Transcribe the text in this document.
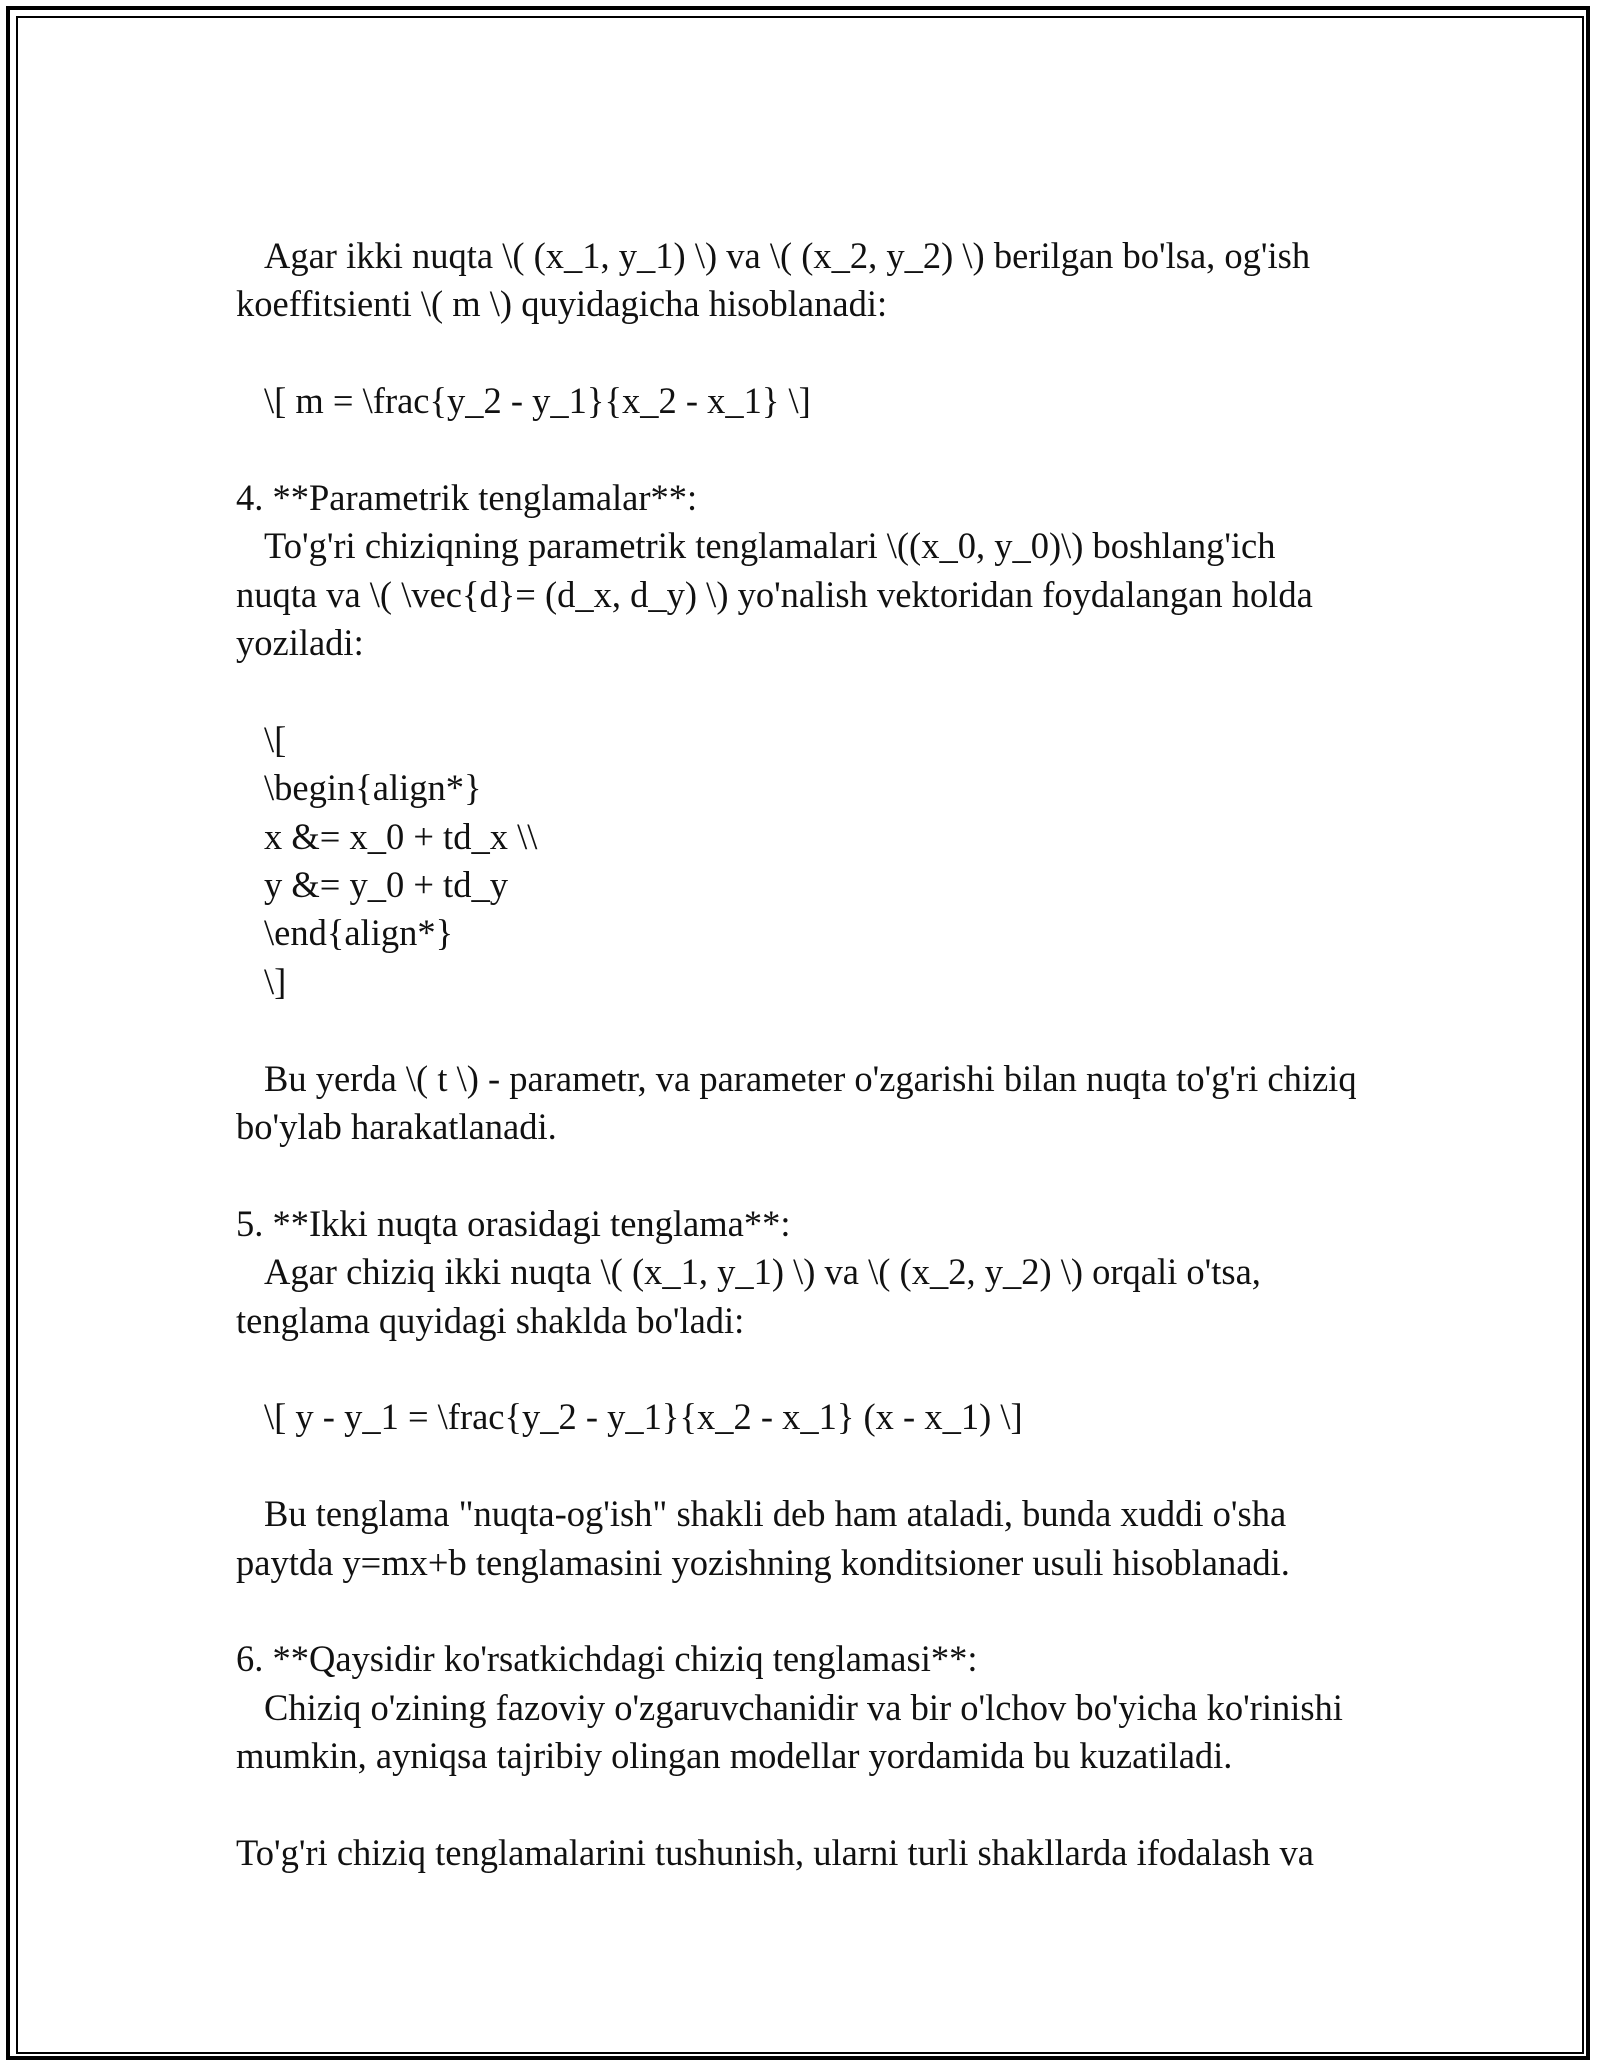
Agar ikki nuqta \( (x_1, y_1) \) va \( (x_2, y_2) \) berilgan bo'lsa, og'ish
koeffitsienti \( m \) quyidagicha hisoblanadi:
\[ m = \frac{y_2 - y_1}{x_2 - x_1} \]
4. **Parametrik tenglamalar**:
To'g'ri chiziqning parametrik tenglamalari \((x_0, y_0)\) boshlang'ich
nuqta va \( \vec{d}= (d_x, d_y) \) yo'nalish vektoridan foydalangan holda
yoziladi:
\[
\begin{align*}
x &= x_0 + td_x \\
y &= y_0 + td_y
\end{align*}
\]
Bu yerda \( t \) - parametr, va parameter o'zgarishi bilan nuqta to'g'ri chiziq
bo'ylab harakatlanadi.
5. **Ikki nuqta orasidagi tenglama**:
Agar chiziq ikki nuqta \( (x_1, y_1) \) va \( (x_2, y_2) \) orqali o'tsa,
tenglama quyidagi shaklda bo'ladi:
\[ y - y_1 = \frac{y_2 - y_1}{x_2 - x_1} (x - x_1) \]
Bu tenglama "nuqta-og'ish" shakli deb ham ataladi, bunda xuddi o'sha
paytda y=mx+b tenglamasini yozishning konditsioner usuli hisoblanadi.
6. **Qaysidir ko'rsatkichdagi chiziq tenglamasi**:
Chiziq o'zining fazoviy o'zgaruvchanidir va bir o'lchov bo'yicha ko'rinishi
mumkin, ayniqsa tajribiy olingan modellar yordamida bu kuzatiladi.
To'g'ri chiziq tenglamalarini tushunish, ularni turli shakllarda ifodalash va
